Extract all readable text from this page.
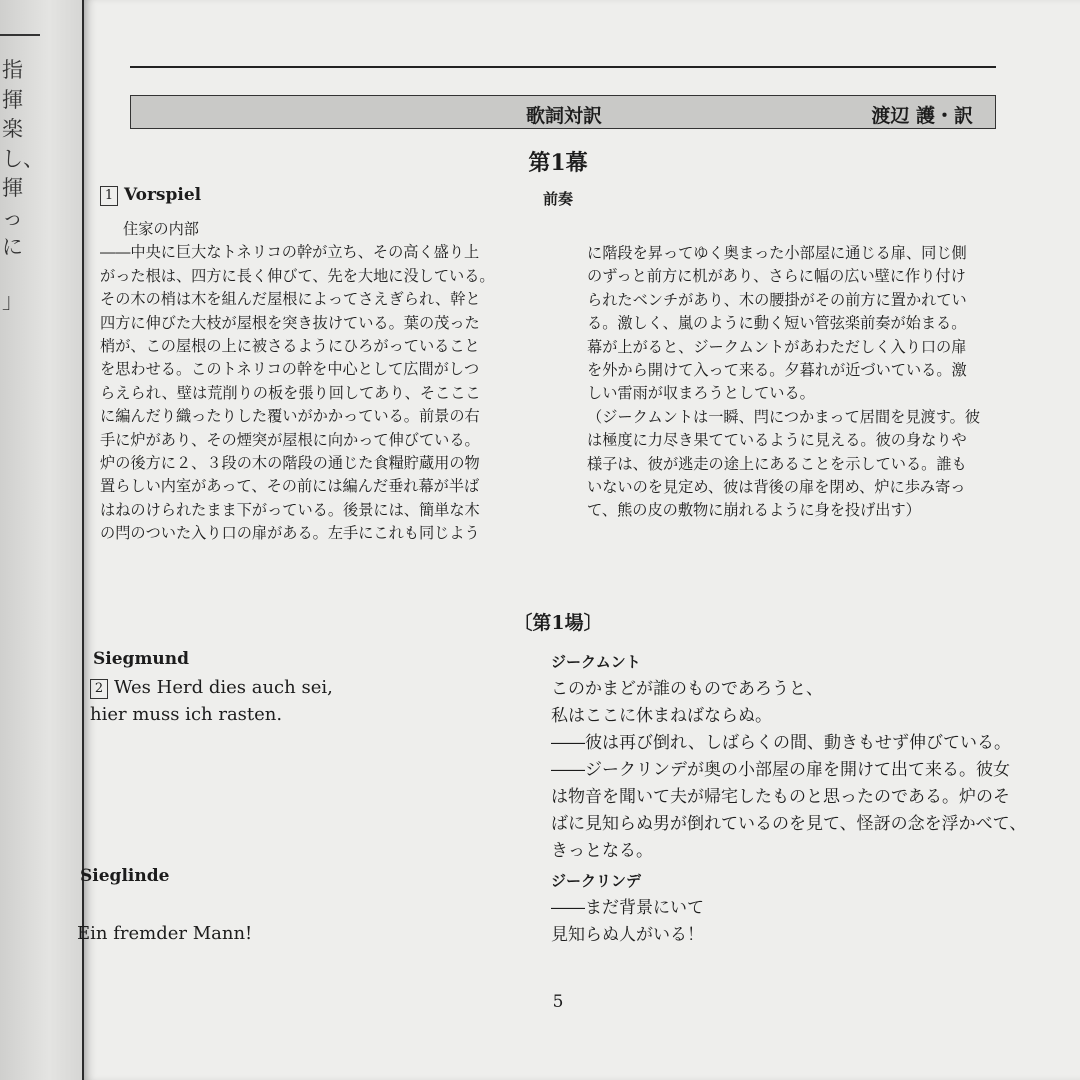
指揮
楽
し、
揮
っ
に
」
歌詞対訳	渡辺 護・訳
第1幕
1 Vorspiel	前奏
住家の内部
――中央に巨大なトネリコの幹が立ち、その高く盛り上
がった根は、四方に長く伸びて、先を大地に没している。
その木の梢は木を組んだ屋根によってさえぎられ、幹と
四方に伸びた大枝が屋根を突き抜けている。葉の茂った
梢が、この屋根の上に被さるようにひろがっていること
を思わせる。このトネリコの幹を中心として広間がしつ
らえられ、壁は荒削りの板を張り回してあり、そこここ
に編んだり織ったりした覆いがかかっている。前景の右
手に炉があり、その煙突が屋根に向かって伸びている。
炉の後方に２、３段の木の階段の通じた食糧貯蔵用の物
置らしい内室があって、その前には編んだ垂れ幕が半ば
はねのけられたまま下がっている。後景には、簡単な木
の閂のついた入り口の扉がある。左手にこれも同じよう
に階段を昇ってゆく奥まった小部屋に通じる扉、同じ側
のずっと前方に机があり、さらに幅の広い壁に作り付け
られたベンチがあり、木の腰掛がその前方に置かれてい
る。激しく、嵐のように動く短い管弦楽前奏が始まる。
幕が上がると、ジークムントがあわただしく入り口の扉
を外から開けて入って来る。夕暮れが近づいている。激
しい雷雨が収まろうとしている。
（ジークムントは一瞬、閂につかまって居間を見渡す。彼
は極度に力尽き果てているように見える。彼の身なりや
様子は、彼が逃走の途上にあることを示している。誰も
いないのを見定め、彼は背後の扉を閉め、炉に歩み寄っ
て、熊の皮の敷物に崩れるように身を投げ出す）
〔第1場〕
Siegmund
2 Wes Herd dies auch sei,
hier muss ich rasten.
ジークムント
このかまどが誰のものであろうと、
私はここに休まねばならぬ。
――彼は再び倒れ、しばらくの間、動きもせず伸びている。
――ジークリンデが奥の小部屋の扉を開けて出て来る。彼女
は物音を聞いて夫が帰宅したものと思ったのである。炉のそ
ばに見知らぬ男が倒れているのを見て、怪訝の念を浮かべて、
きっとなる。
Sieglinde
Ein fremder Mann!
ジークリンデ
――まだ背景にいて
見知らぬ人がいる！
5
